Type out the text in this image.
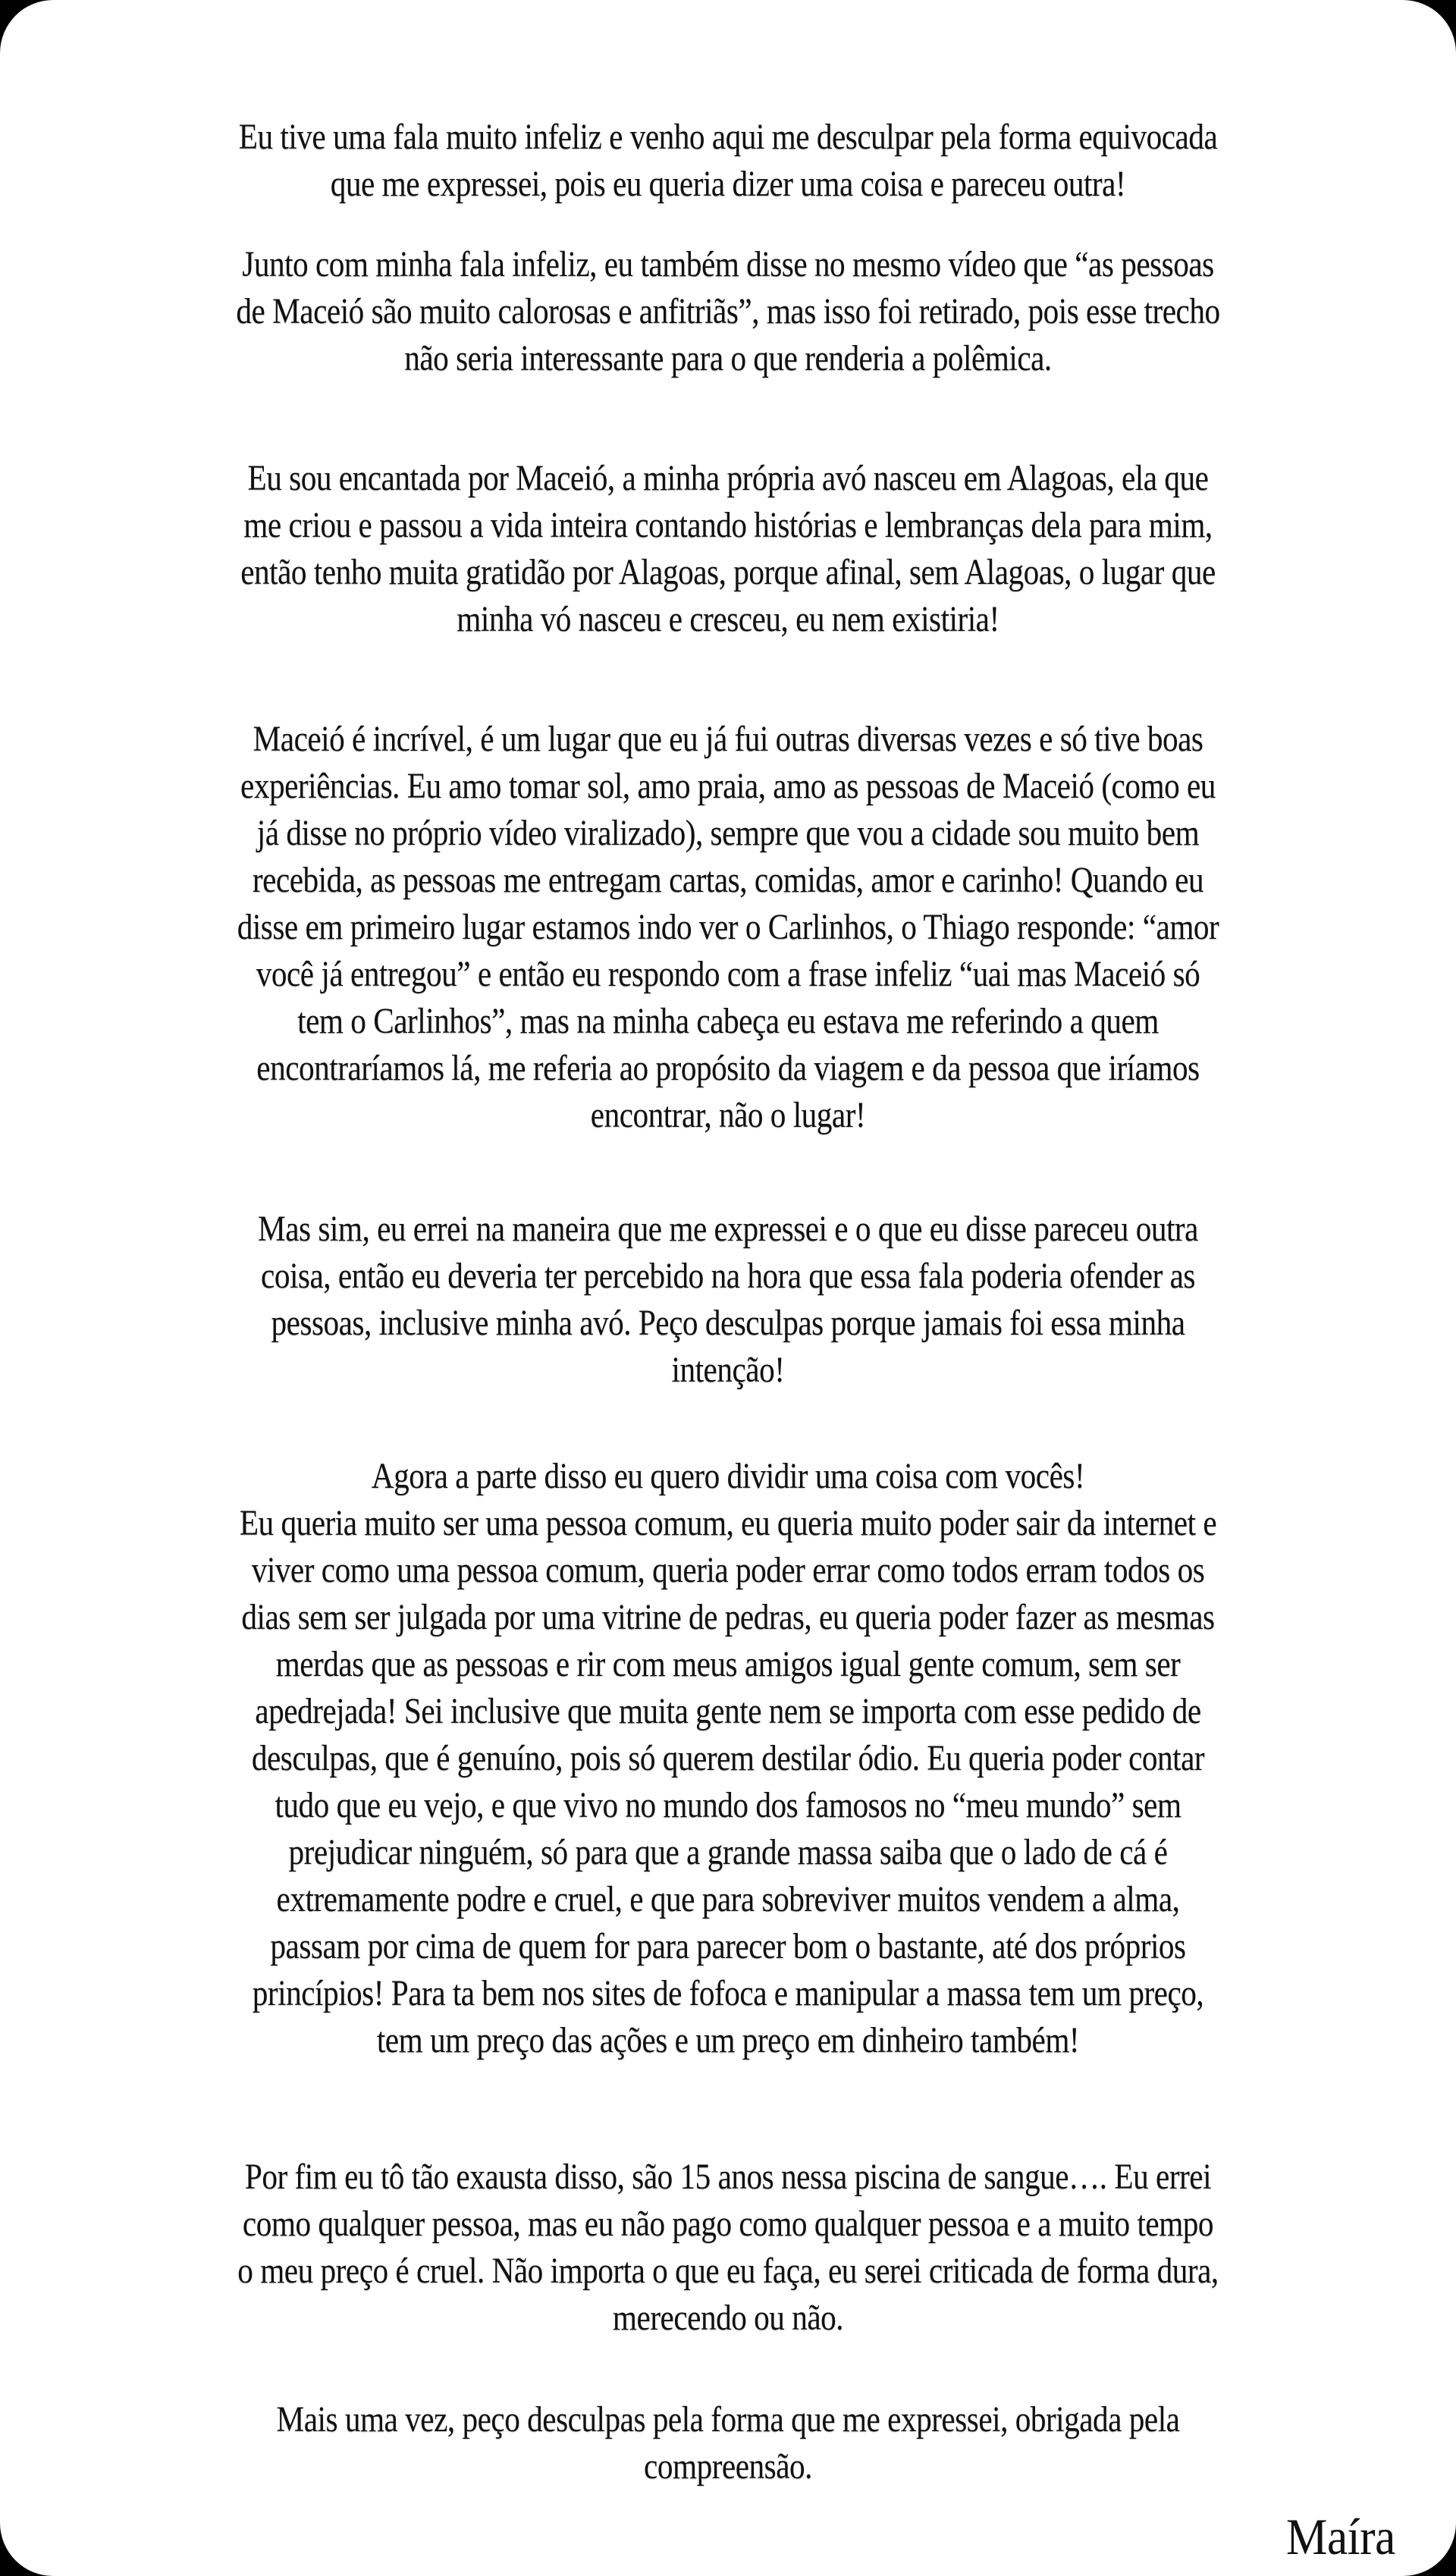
Eu tive uma fala muito infeliz e venho aqui me desculpar pela forma equivocada
que me expressei, pois eu queria dizer uma coisa e pareceu outra!
Junto com minha fala infeliz, eu também disse no mesmo vídeo que “as pessoas
de Maceió são muito calorosas e anfitriãs”, mas isso foi retirado, pois esse trecho
não seria interessante para o que renderia a polêmica.
Eu sou encantada por Maceió, a minha própria avó nasceu em Alagoas, ela que
me criou e passou a vida inteira contando histórias e lembranças dela para mim,
então tenho muita gratidão por Alagoas, porque afinal, sem Alagoas, o lugar que
minha vó nasceu e cresceu, eu nem existiria!
Maceió é incrível, é um lugar que eu já fui outras diversas vezes e só tive boas
experiências. Eu amo tomar sol, amo praia, amo as pessoas de Maceió (como eu
já disse no próprio vídeo viralizado), sempre que vou a cidade sou muito bem
recebida, as pessoas me entregam cartas, comidas, amor e carinho! Quando eu
disse em primeiro lugar estamos indo ver o Carlinhos, o Thiago responde: “amor
você já entregou” e então eu respondo com a frase infeliz “uai mas Maceió só
tem o Carlinhos”, mas na minha cabeça eu estava me referindo a quem
encontraríamos lá, me referia ao propósito da viagem e da pessoa que iríamos
encontrar, não o lugar!
Mas sim, eu errei na maneira que me expressei e o que eu disse pareceu outra
coisa, então eu deveria ter percebido na hora que essa fala poderia ofender as
pessoas, inclusive minha avó. Peço desculpas porque jamais foi essa minha
intenção!
Agora a parte disso eu quero dividir uma coisa com vocês!
Eu queria muito ser uma pessoa comum, eu queria muito poder sair da internet e
viver como uma pessoa comum, queria poder errar como todos erram todos os
dias sem ser julgada por uma vitrine de pedras, eu queria poder fazer as mesmas
merdas que as pessoas e rir com meus amigos igual gente comum, sem ser
apedrejada! Sei inclusive que muita gente nem se importa com esse pedido de
desculpas, que é genuíno, pois só querem destilar ódio. Eu queria poder contar
tudo que eu vejo, e que vivo no mundo dos famosos no “meu mundo” sem
prejudicar ninguém, só para que a grande massa saiba que o lado de cá é
extremamente podre e cruel, e que para sobreviver muitos vendem a alma,
passam por cima de quem for para parecer bom o bastante, até dos próprios
princípios! Para ta bem nos sites de fofoca e manipular a massa tem um preço,
tem um preço das ações e um preço em dinheiro também!
Por fim eu tô tão exausta disso, são 15 anos nessa piscina de sangue…. Eu errei
como qualquer pessoa, mas eu não pago como qualquer pessoa e a muito tempo
o meu preço é cruel. Não importa o que eu faça, eu serei criticada de forma dura,
merecendo ou não.
Mais uma vez, peço desculpas pela forma que me expressei, obrigada pela
compreensão.
Maíra
